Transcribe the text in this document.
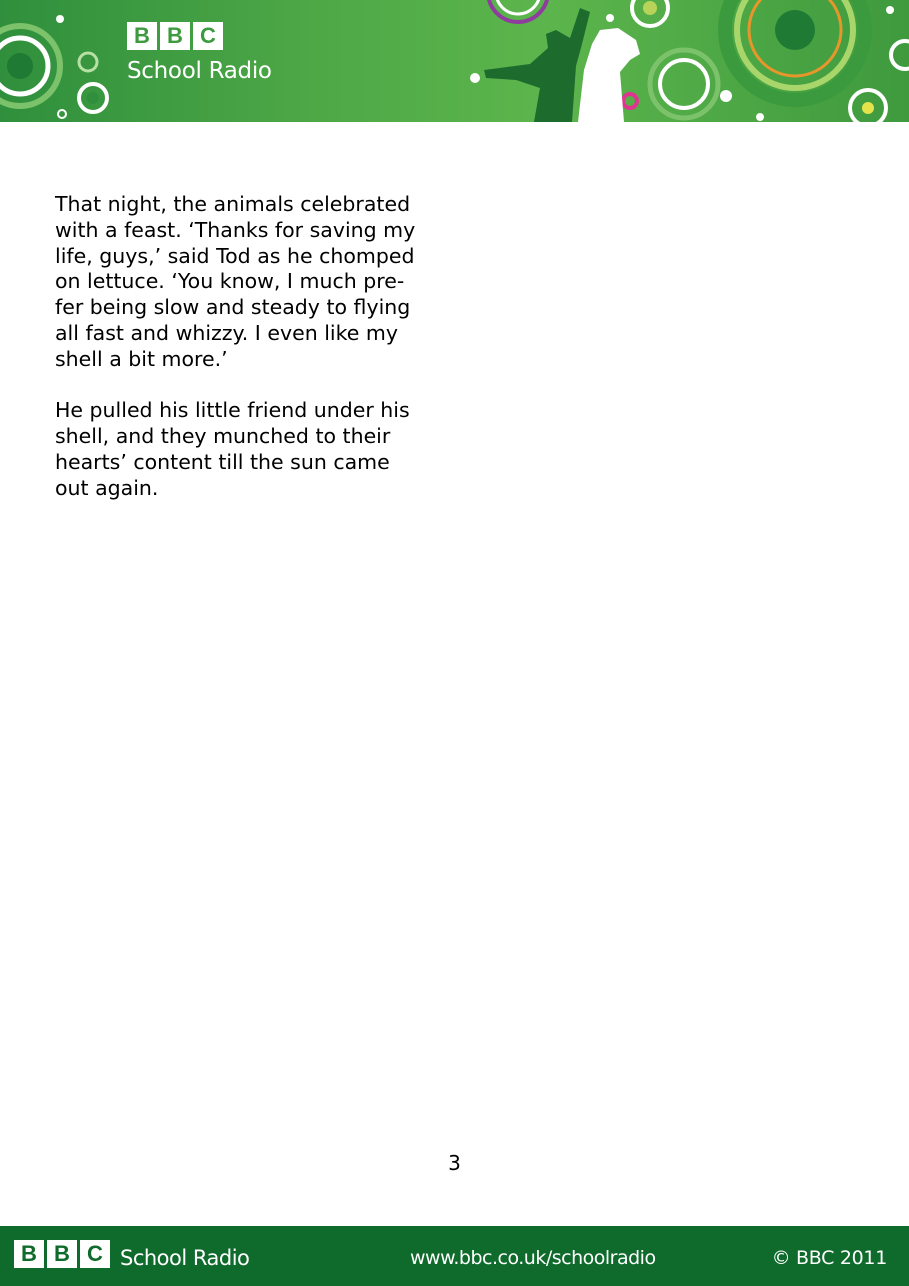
B B C
School Radio

That night, the animals celebrated
with a feast. ‘Thanks for saving my
life, guys,’ said Tod as he chomped
on lettuce. ‘You know, I much pre-
fer being slow and steady to flying
all fast and whizzy. I even like my
shell a bit more.’

He pulled his little friend under his
shell, and they munched to their
hearts’ content till the sun came
out again.

3
B B C School Radio	www.bbc.co.uk/schoolradio	© BBC 2011
